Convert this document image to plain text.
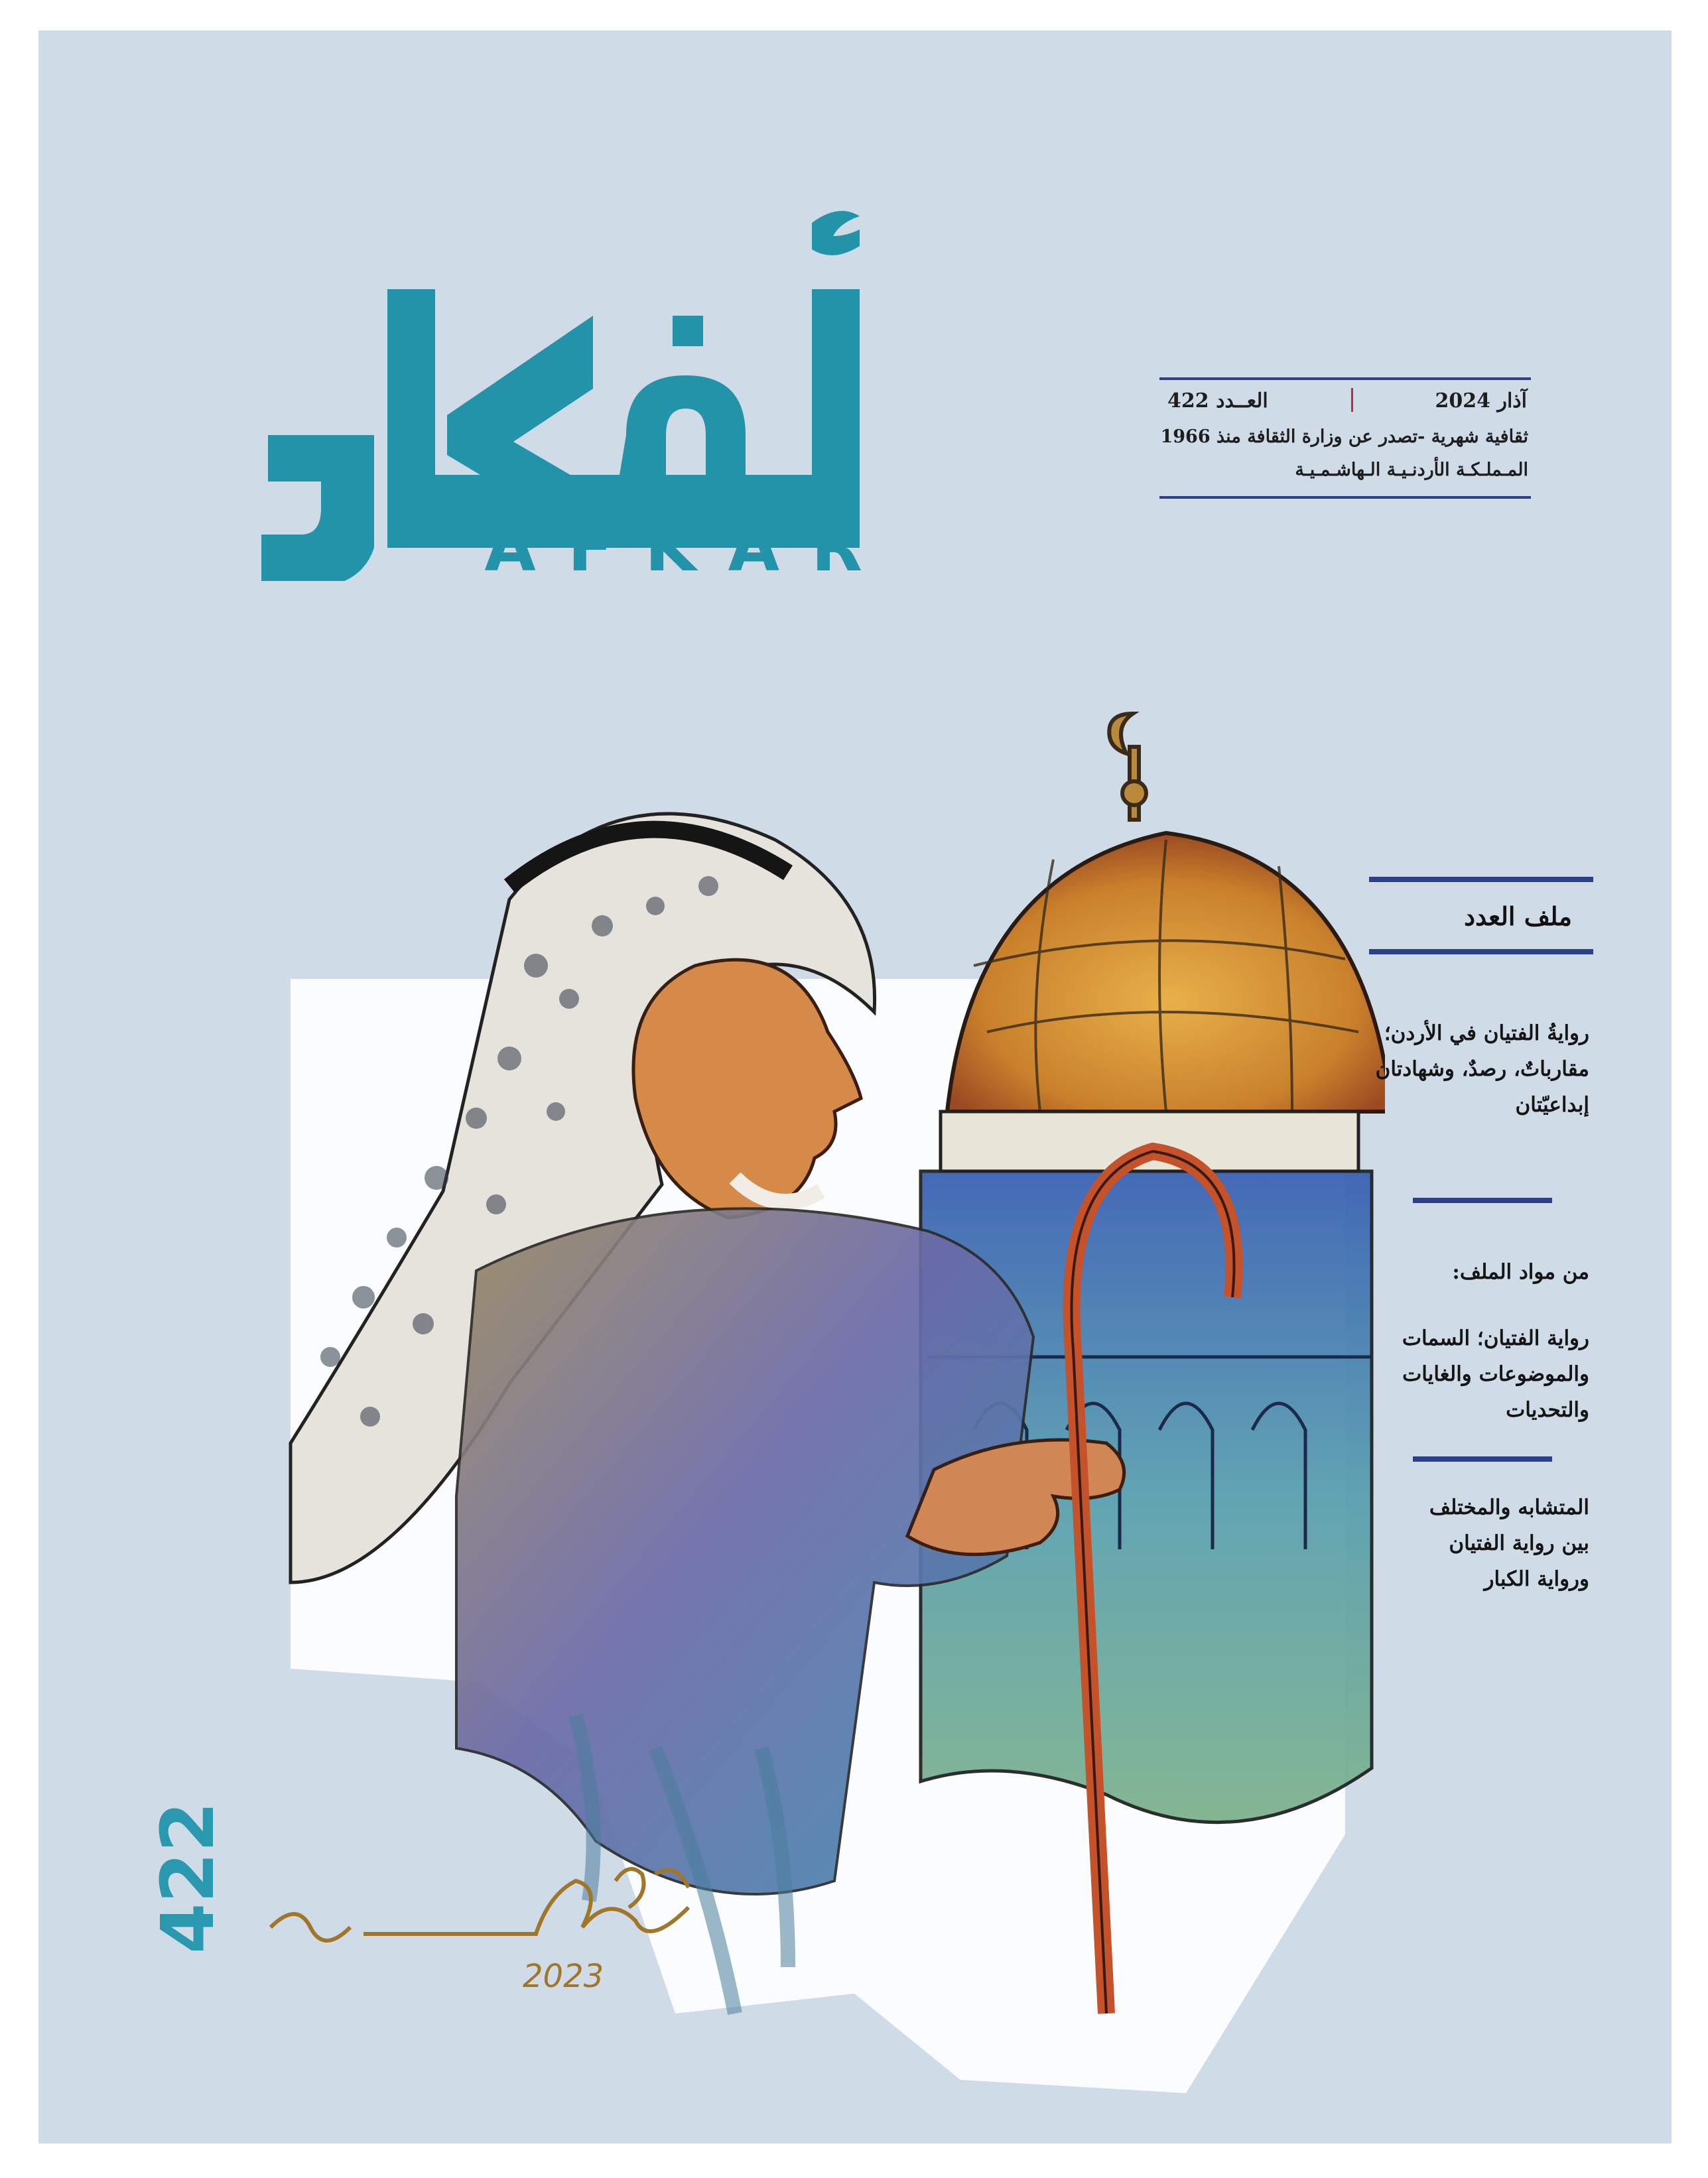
AFKAR
آذار 2024
العــدد 422
ثقافية شهرية -تصدر عن وزارة الثقافة منذ 1966
المـملـكـة الأردنـيـة الـهاشـمـيـة
2023
422
ملف العدد
روايةُ الفتيان في الأردن؛
مقارباتٌ، رصدٌ، وشهادتان
إبداعيّتان
من مواد الملف:
رواية الفتيان؛ السمات
والموضوعات والغايات
والتحديات
المتشابه والمختلف
بين رواية الفتيان
ورواية الكبار
